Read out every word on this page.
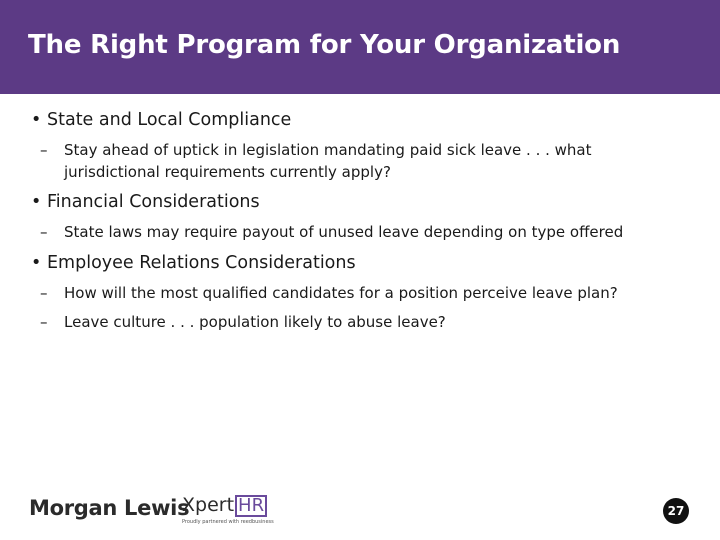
The Right Program for Your Organization
• State and Local Compliance
– Stay ahead of uptick in legislation mandating paid sick leave . . . what
jurisdictional requirements currently apply?
• Financial Considerations
– State laws may require payout of unused leave depending on type offered
• Employee Relations Considerations
– How will the most qualified candidates for a position perceive leave plan?
– Leave culture . . . population likely to abuse leave?
Morgan Lewis
Xpert HR
Proudly partnered with reedbusiness
27
